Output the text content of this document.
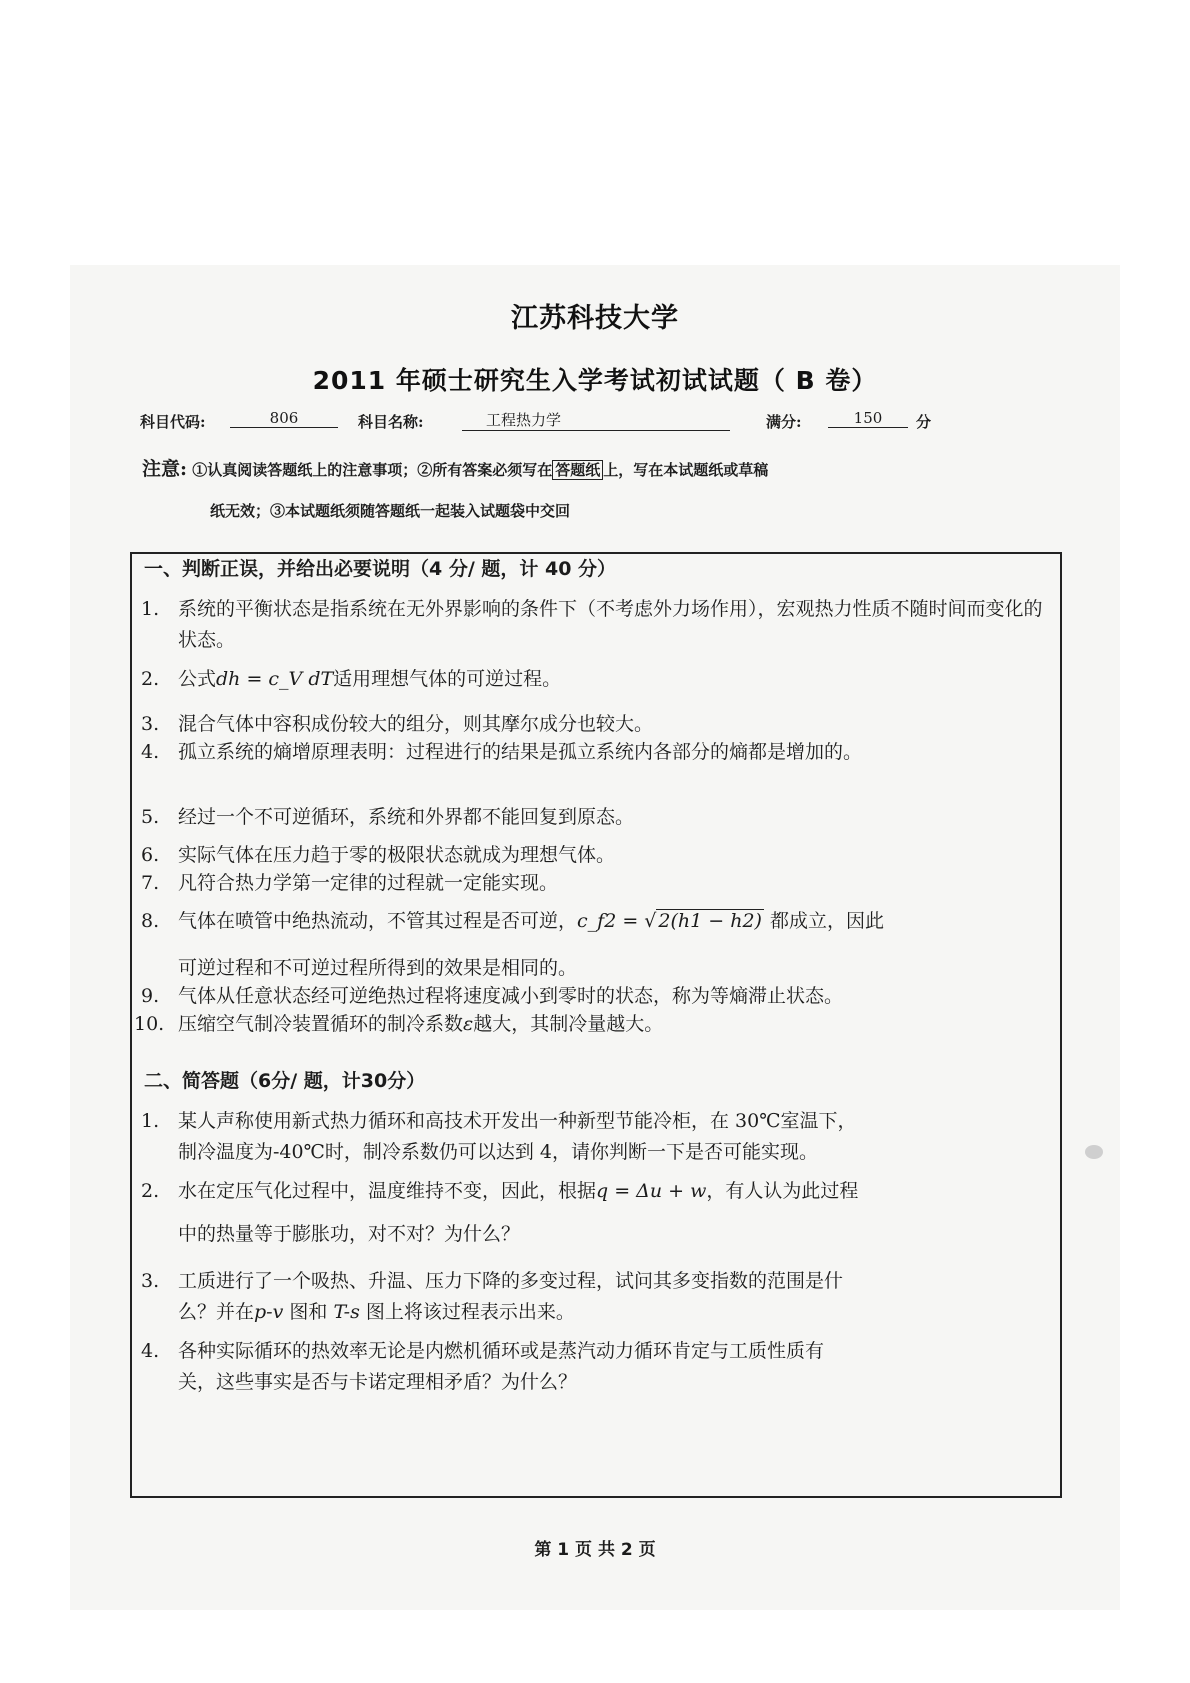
江苏科技大学
2011 年硕士研究生入学考试初试试题（ B 卷）
科目代码:	806	科目名称:	工程热力学	满分:	150	分
注意: ①认真阅读答题纸上的注意事项；②所有答案必须写在 答题纸 上，写在本试题纸或草稿
纸无效；③本试题纸须随答题纸一起装入试题袋中交回
一、判断正误，并给出必要说明（4 分/ 题，计 40 分）
1. 系统的平衡状态是指系统在无外界影响的条件下（不考虑外力场作用），宏观热力性质不随时间而变化的状态。
2. 公式dh = c_V dT适用理想气体的可逆过程。
3. 混合气体中容积成份较大的组分，则其摩尔成分也较大。
4. 孤立系统的熵增原理表明：过程进行的结果是孤立系统内各部分的熵都是增加的。
5. 经过一个不可逆循环，系统和外界都不能回复到原态。
6. 实际气体在压力趋于零的极限状态就成为理想气体。
7. 凡符合热力学第一定律的过程就一定能实现。
8. 气体在喷管中绝热流动，不管其过程是否可逆，c_f2 = √ 2(h1 − h2) 都成立，因此
可逆过程和不可逆过程所得到的效果是相同的。
9. 气体从任意状态经可逆绝热过程将速度减小到零时的状态，称为等熵滞止状态。
10. 压缩空气制冷装置循环的制冷系数ε越大，其制冷量越大。
二、简答题（6分/ 题，计30分）
1. 某人声称使用新式热力循环和高技术开发出一种新型节能冷柜，在 30℃室温下，
制冷温度为-40℃时，制冷系数仍可以达到 4，请你判断一下是否可能实现。
2. 水在定压气化过程中，温度维持不变，因此，根据q = Δu + w，有人认为此过程
中的热量等于膨胀功，对不对？为什么？
3. 工质进行了一个吸热、升温、压力下降的多变过程，试问其多变指数的范围是什
么？并在p-v 图和 T-s 图上将该过程表示出来。
4. 各种实际循环的热效率无论是内燃机循环或是蒸汽动力循环肯定与工质性质有
关，这些事实是否与卡诺定理相矛盾？为什么？
第 1 页 共 2 页
